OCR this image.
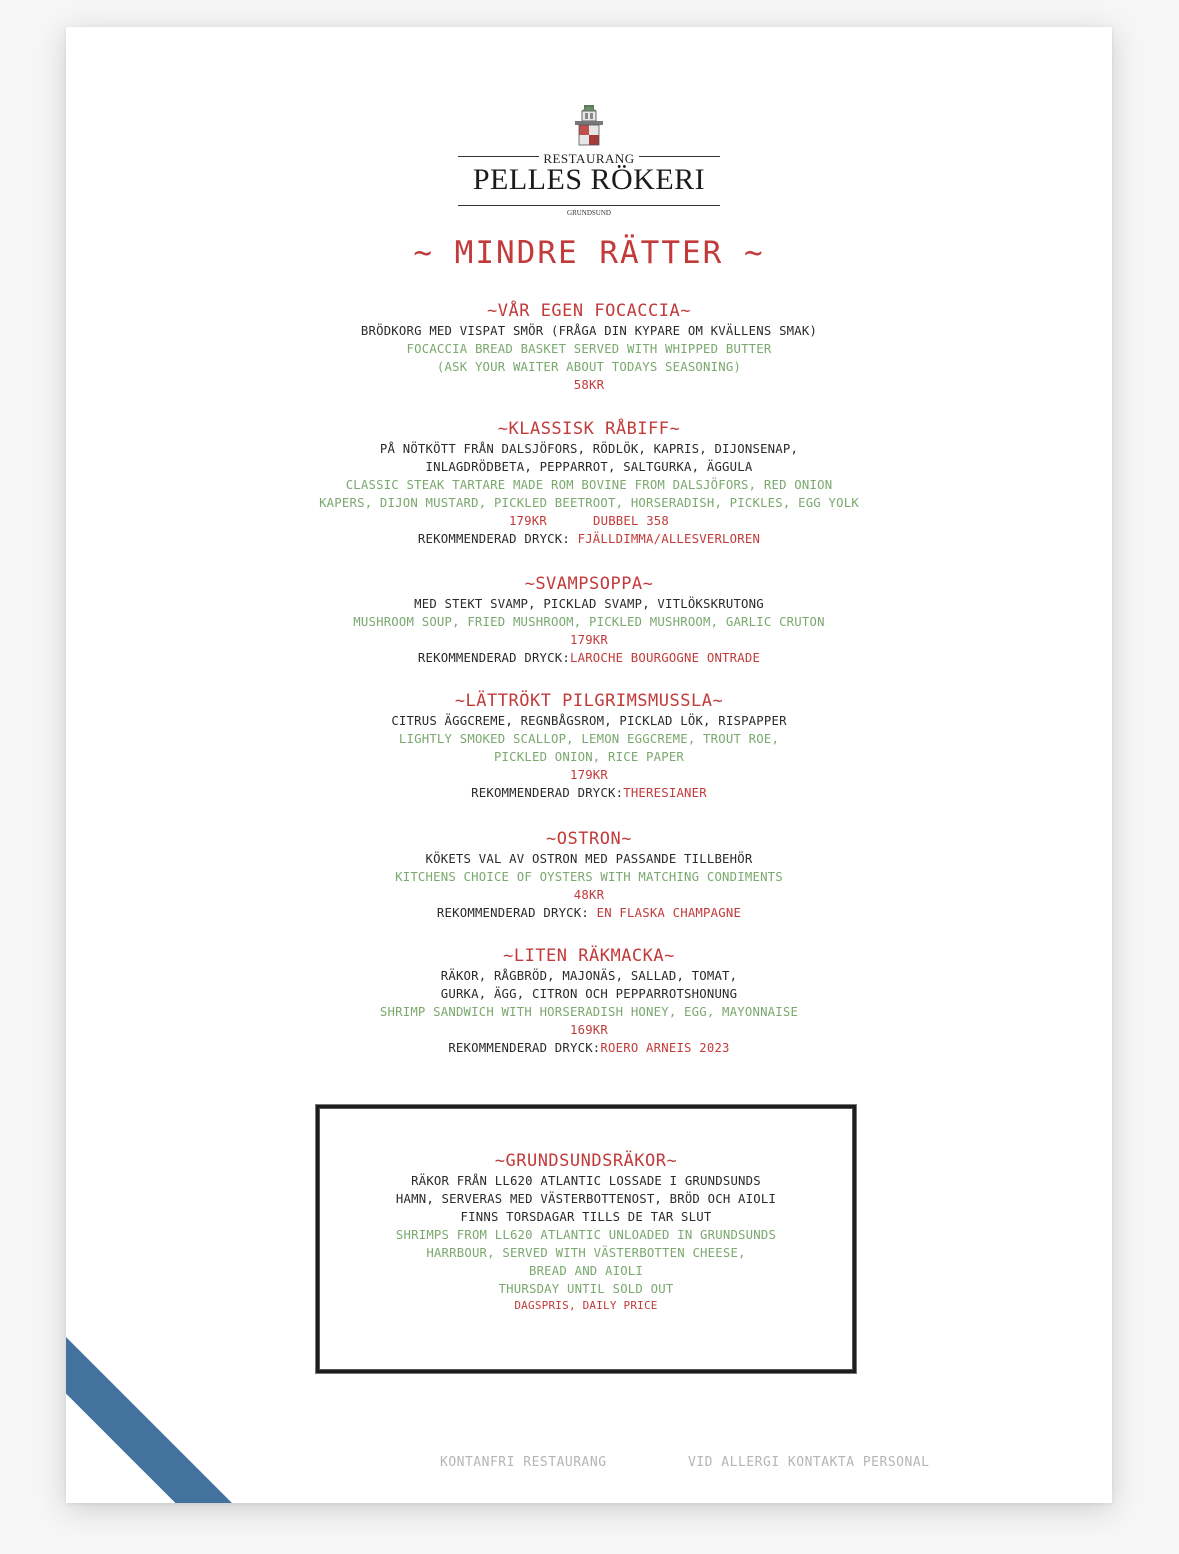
RESTAURANG
PELLES RÖKERI
GRUNDSUND
~ MINDRE RÄTTER ~
~VÅR EGEN FOCACCIA~
BRÖDKORG MED VISPAT SMÖR (FRÅGA DIN KYPARE OM KVÄLLENS SMAK)
FOCACCIA BREAD BASKET SERVED WITH WHIPPED BUTTER
(ASK YOUR WAITER ABOUT TODAYS SEASONING)
58KR
~KLASSISK RÅBIFF~
PÅ NÖTKÖTT FRÅN DALSJÖFORS, RÖDLÖK, KAPRIS, DIJONSENAP,
INLAGDRÖDBETA, PEPPARROT, SALTGURKA, ÄGGULA
CLASSIC STEAK TARTARE MADE ROM BOVINE FROM DALSJÖFORS, RED ONION
KAPERS, DIJON MUSTARD, PICKLED BEETROOT, HORSERADISH, PICKLES, EGG YOLK
179KR	DUBBEL 358
REKOMMENDERAD DRYCK: FJÄLLDIMMA/ALLESVERLOREN
~SVAMPSOPPA~
MED STEKT SVAMP, PICKLAD SVAMP, VITLÖKSKRUTONG
MUSHROOM SOUP, FRIED MUSHROOM, PICKLED MUSHROOM, GARLIC CRUTON
179KR
REKOMMENDERAD DRYCK:LAROCHE BOURGOGNE ONTRADE
~LÄTTRÖKT PILGRIMSMUSSLA~
CITRUS ÄGGCREME, REGNBÅGSROM, PICKLAD LÖK, RISPAPPER
LIGHTLY SMOKED SCALLOP, LEMON EGGCREME, TROUT ROE,
PICKLED ONION, RICE PAPER
179KR
REKOMMENDERAD DRYCK:THERESIANER
~OSTRON~
KÖKETS VAL AV OSTRON MED PASSANDE TILLBEHÖR
KITCHENS CHOICE OF OYSTERS WITH MATCHING CONDIMENTS
48KR
REKOMMENDERAD DRYCK: EN FLASKA CHAMPAGNE
~LITEN RÄKMACKA~
RÄKOR, RÅGBRÖD, MAJONÄS, SALLAD, TOMAT,
GURKA, ÄGG, CITRON OCH PEPPARROTSHONUNG
SHRIMP SANDWICH WITH HORSERADISH HONEY, EGG, MAYONNAISE
169KR
REKOMMENDERAD DRYCK:ROERO ARNEIS 2023
~GRUNDSUNDSRÄKOR~
RÄKOR FRÅN LL620 ATLANTIC LOSSADE I GRUNDSUNDS
HAMN, SERVERAS MED VÄSTERBOTTENOST, BRÖD OCH AIOLI
FINNS TORSDAGAR TILLS DE TAR SLUT
SHRIMPS FROM LL620 ATLANTIC UNLOADED IN GRUNDSUNDS
HARRBOUR, SERVED WITH VÄSTERBOTTEN CHEESE,
BREAD AND AIOLI
THURSDAY UNTIL SOLD OUT
DAGSPRIS, DAILY PRICE
MINDRE RÄTTER
KONTANFRI RESTAURANG	VID ALLERGI KONTAKTA PERSONAL
